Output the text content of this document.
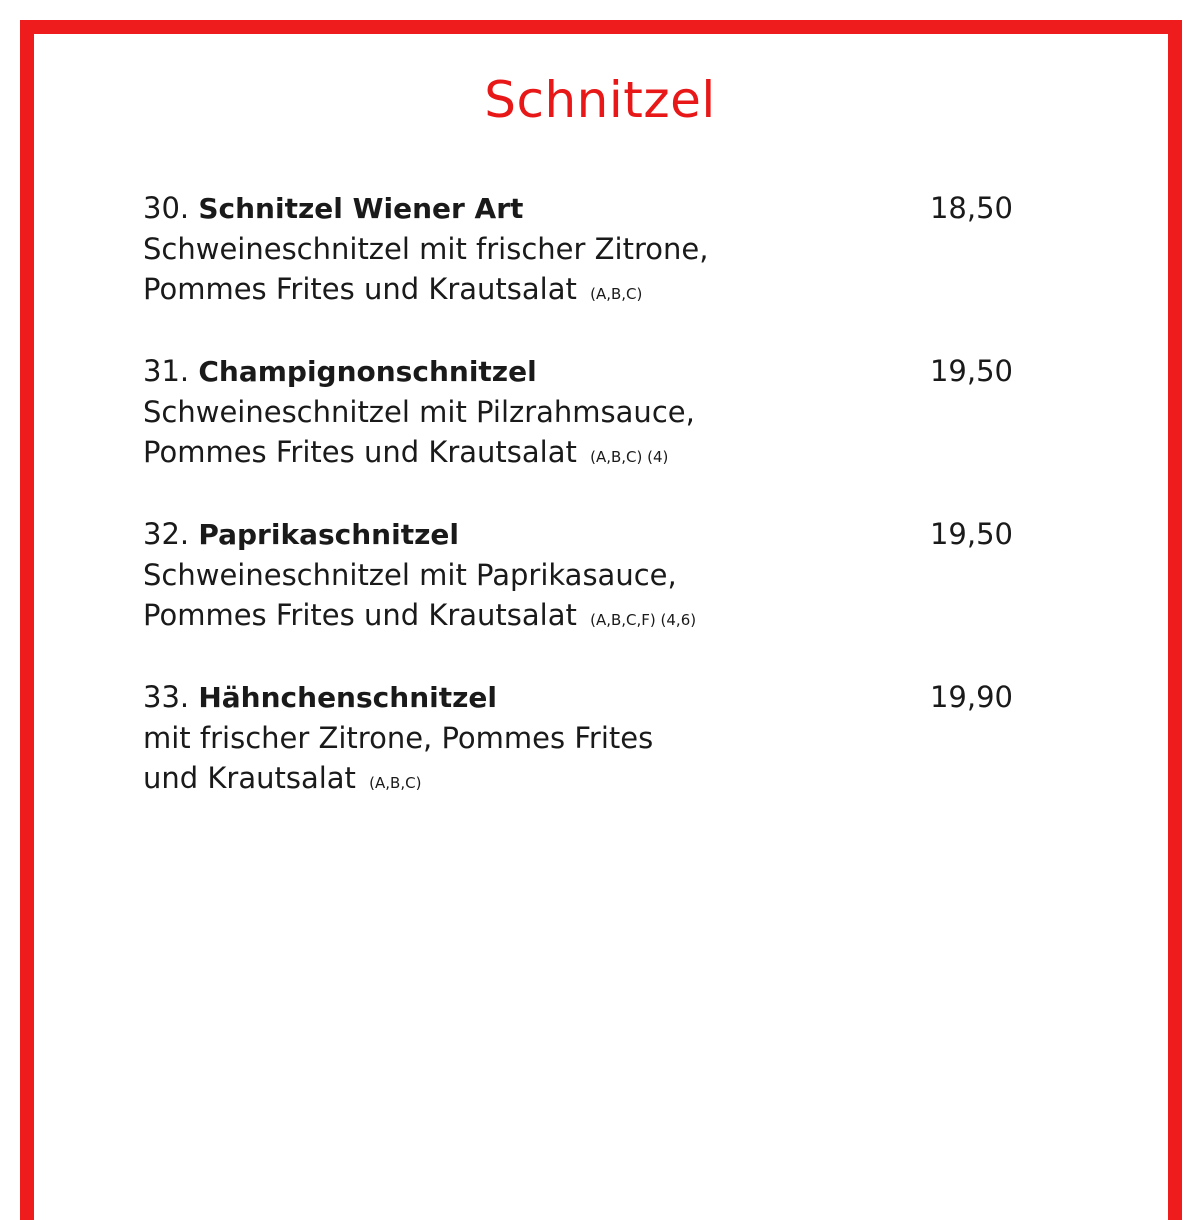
Schnitzel
30. Schnitzel Wiener Art	18,50
Schweineschnitzel mit frischer Zitrone,
Pommes Frites und Krautsalat (A,B,C)
31. Champignonschnitzel	19,50
Schweineschnitzel mit Pilzrahmsauce,
Pommes Frites und Krautsalat (A,B,C) (4)
32. Paprikaschnitzel	19,50
Schweineschnitzel mit Paprikasauce,
Pommes Frites und Krautsalat (A,B,C,F) (4,6)
33. Hähnchenschnitzel	19,90
mit frischer Zitrone, Pommes Frites
und Krautsalat (A,B,C)
